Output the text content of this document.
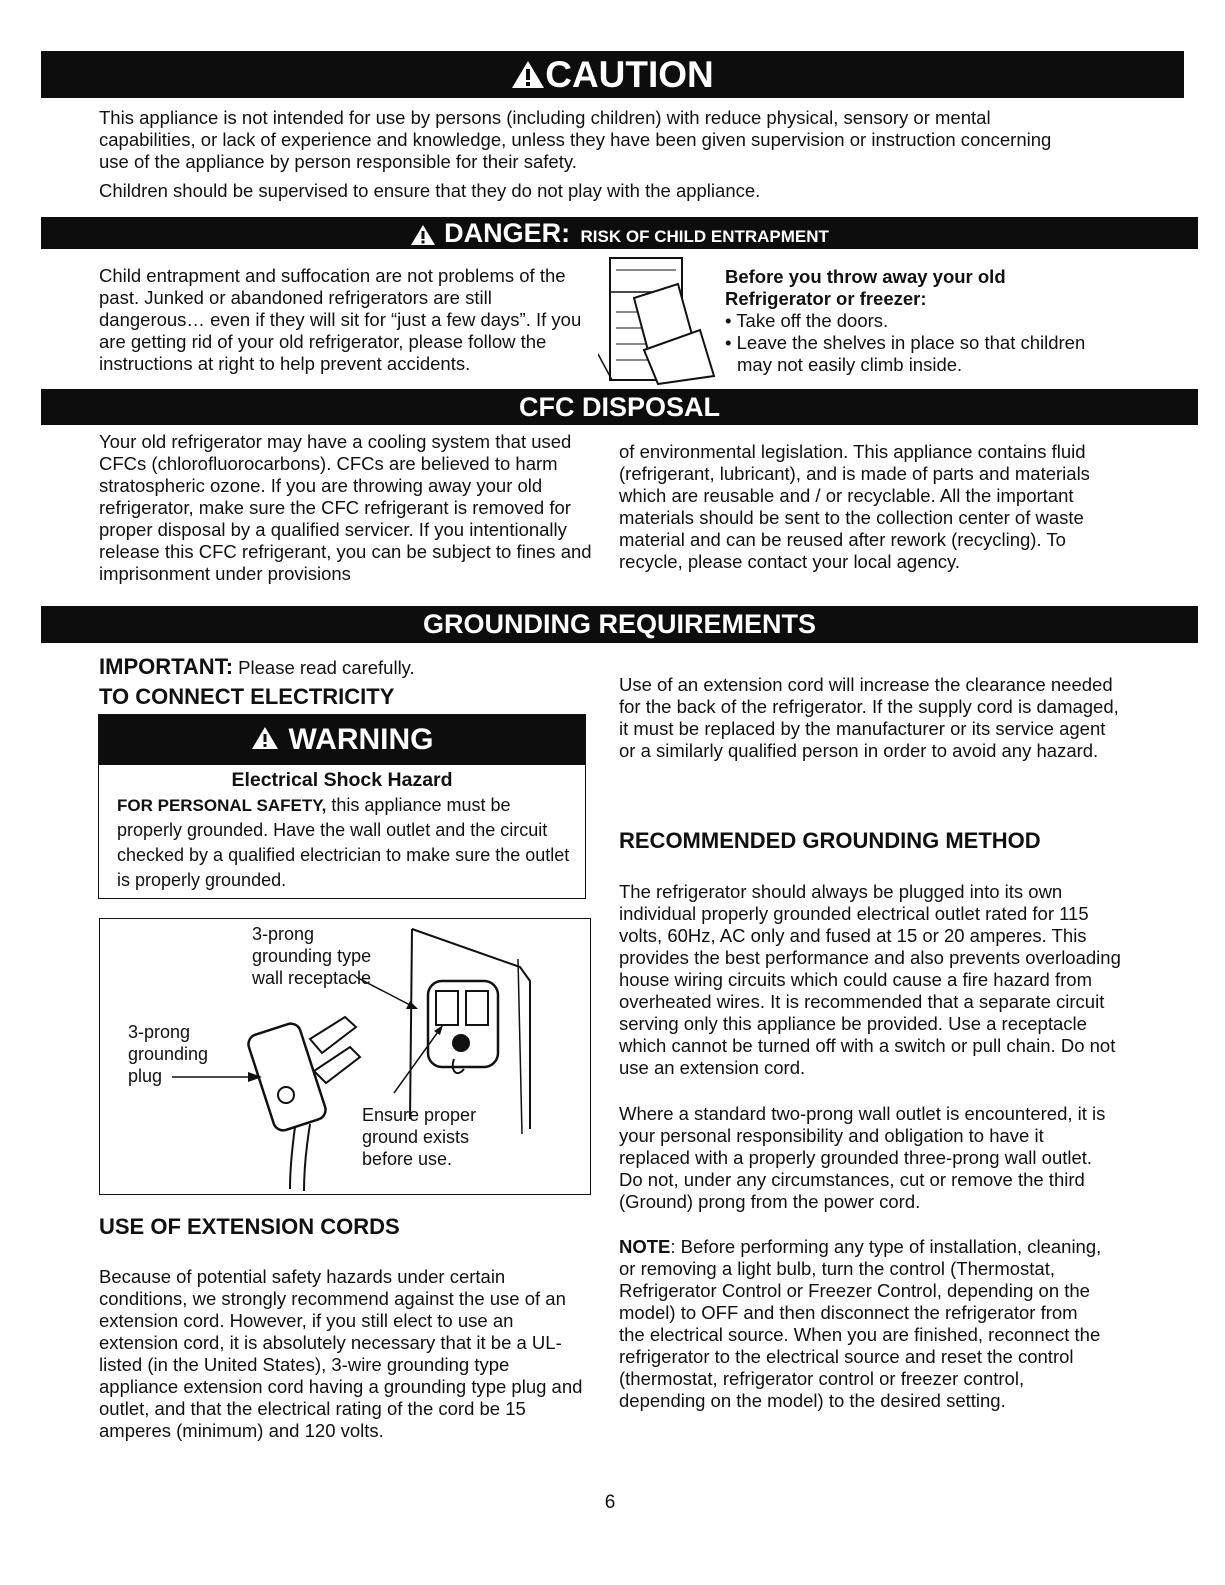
CAUTION

This appliance is not intended for use by persons (including children) with reduce physical, sensory or mental capabilities, or lack of experience and knowledge, unless they have been given supervision or instruction concerning use of the appliance by person responsible for their safety.

Children should be supervised to ensure that they do not play with the appliance.

DANGER: RISK OF CHILD ENTRAPMENT

Child entrapment and suffocation are not problems of the past. Junked or abandoned refrigerators are still dangerous… even if they will sit for “just a few days”. If you are getting rid of your old refrigerator, please follow the instructions at right to help prevent accidents.

Before you throw away your old Refrigerator or freezer:

• Take off the doors.
• Leave the shelves in place so that children may not easily climb inside.
CFC DISPOSAL

Your old refrigerator may have a cooling system that used CFCs (chlorofluorocarbons). CFCs are believed to harm stratospheric ozone. If you are throwing away your old refrigerator, make sure the CFC refrigerant is removed for proper disposal by a qualified servicer. If you intentionally release this CFC refrigerant, you can be subject to fines and imprisonment under provisions

of environmental legislation. This appliance contains fluid (refrigerant, lubricant), and is made of parts and materials which are reusable and / or recyclable. All the important materials should be sent to the collection center of waste material and can be reused after rework (recycling). To recycle, please contact your local agency.

GROUNDING REQUIREMENTS
IMPORTANT: Please read carefully.
TO CONNECT ELECTRICITY
WARNING
Electrical Shock Hazard

FOR PERSONAL SAFETY, this appliance must be properly grounded. Have the wall outlet and the circuit checked by a qualified electrician to make sure the outlet is properly grounded.

3-prong grounding type wall receptacle
3-prong grounding plug
Ensure proper ground exists before use.
USE OF EXTENSION CORDS

Because of potential safety hazards under certain conditions, we strongly recommend against the use of an extension cord. However, if you still elect to use an extension cord, it is absolutely necessary that it be a UL-listed (in the United States), 3-wire grounding type appliance extension cord having a grounding type plug and outlet, and that the electrical rating of the cord be 15 amperes (minimum) and 120 volts.

Use of an extension cord will increase the clearance needed for the back of the refrigerator. If the supply cord is damaged, it must be replaced by the manufacturer or its service agent or a similarly qualified person in order to avoid any hazard.

RECOMMENDED GROUNDING METHOD

The refrigerator should always be plugged into its own individual properly grounded electrical outlet rated for 115 volts, 60Hz, AC only and fused at 15 or 20 amperes. This provides the best performance and also prevents overloading house wiring circuits which could cause a fire hazard from overheated wires. It is recommended that a separate circuit serving only this appliance be provided. Use a receptacle which cannot be turned off with a switch or pull chain. Do not use an extension cord.

Where a standard two-prong wall outlet is encountered, it is your personal responsibility and obligation to have it replaced with a properly grounded three-prong wall outlet. Do not, under any circumstances, cut or remove the third (Ground) prong from the power cord.

NOTE: Before performing any type of installation, cleaning, or removing a light bulb, turn the control (Thermostat, Refrigerator Control or Freezer Control, depending on the model) to OFF and then disconnect the refrigerator from the electrical source. When you are finished, reconnect the refrigerator to the electrical source and reset the control (thermostat, refrigerator control or freezer control, depending on the model) to the desired setting.

6
